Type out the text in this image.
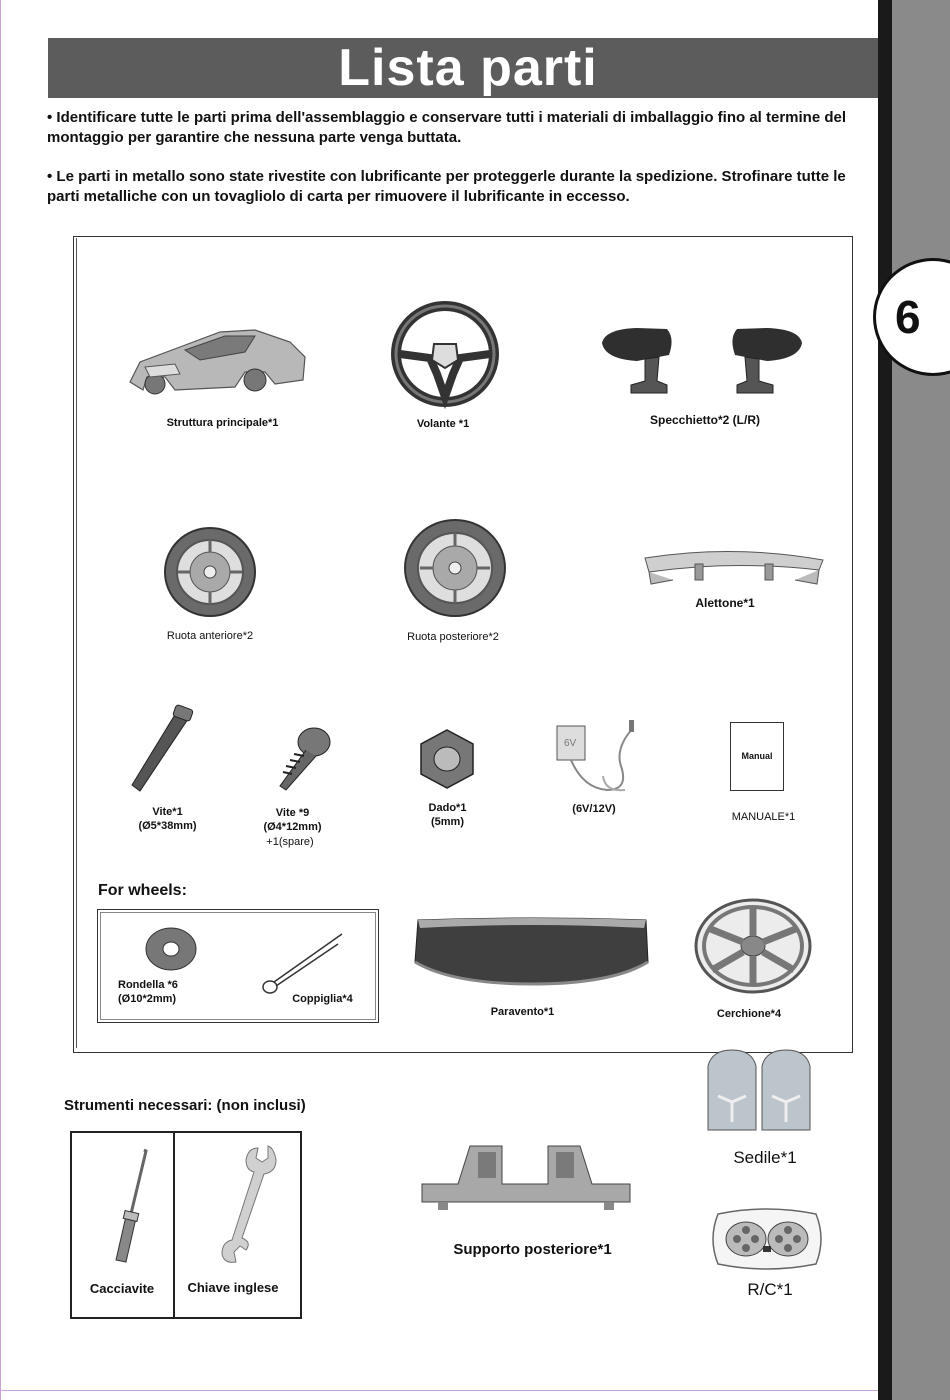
6
Lista parti
• Identificare tutte le parti prima dell'assemblaggio e conservare tutti i materiali di imballaggio fino al termine del montaggio per garantire che nessuna parte venga buttata.
• Le parti in metallo sono state rivestite con lubrificante per proteggerle durante la spedizione. Strofinare tutte le parti metalliche con un tovagliolo di carta per rimuovere il lubrificante in eccesso.
Struttura principale*1	Volante *1	Specchietto*2 (L/R)
Ruota anteriore*2	Ruota posteriore*2
Alettone*1
Vite*1
(Ø5*38mm)
Vite *9
(Ø4*12mm)
+1(spare)
Dado*1
(5mm)
6V
(6V/12V)
Manual
MANUALE*1
For wheels:
Rondella *6
(Ø10*2mm)	Coppiglia*4
Paravento*1	Cerchione*4
Strumenti necessari: (non inclusi)
Cacciavite	Chiave inglese
Supporto posteriore*1
Sedile*1
R/C*1
